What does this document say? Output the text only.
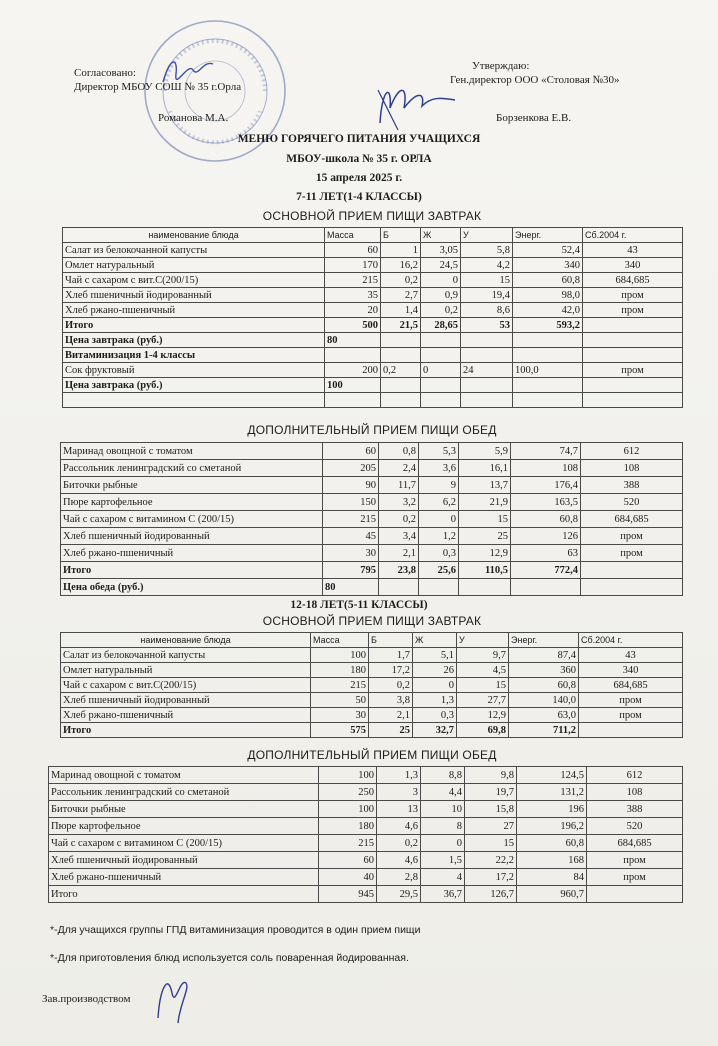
Согласовано:
Директор МБОУ СОШ № 35 г.Орла
Романова М.А.
Утверждаю:
Ген.директор ООО «Столовая №30»
Борзенкова Е.В.
МЕНЮ ГОРЯЧЕГО ПИТАНИЯ УЧАЩИХСЯ
МБОУ-школа № 35 г. ОРЛА
15 апреля 2025 г.
7-11 ЛЕТ(1-4 КЛАССЫ)
ОСНОВНОЙ ПРИЕМ ПИЩИ ЗАВТРАК
ДОПОЛНИТЕЛЬНЫЙ ПРИЕМ ПИЩИ ОБЕД
12-18 ЛЕТ(5-11 КЛАССЫ)
ОСНОВНОЙ ПРИЕМ ПИЩИ ЗАВТРАК
ДОПОЛНИТЕЛЬНЫЙ ПРИЕМ ПИЩИ ОБЕД
наименование блюда	Масса	Б	Ж	У	Энерг.	Сб.2004 г.
Салат из белокочанной капусты	60	1	3,05	5,8	52,4	43
Омлет натуральный	170	16,2	24,5	4,2	340	340
Чай с сахаром с вит.С(200/15)	215	0,2	0	15	60,8	684,685
Хлеб пшеничный йодированный	35	2,7	0,9	19,4	98,0	пром
Хлеб ржано-пшеничный	20	1,4	0,2	8,6	42,0	пром
Итого	500	21,5	28,65	53	593,2	
Цена завтрака (руб.)	80					
Витаминизация 1-4 классы						
Сок фруктовый	200	0,2	0	24	100,0	пром
Цена завтрака (руб.)	100					

Маринад овощной с томатом	60	0,8	5,3	5,9	74,7	612
Рассольник ленинградский со сметаной	205	2,4	3,6	16,1	108	108
Биточки рыбные	90	11,7	9	13,7	176,4	388
Пюре картофельное	150	3,2	6,2	21,9	163,5	520
Чай с сахаром с витамином С (200/15)	215	0,2	0	15	60,8	684,685
Хлеб пшеничный йодированный	45	3,4	1,2	25	126	пром
Хлеб ржано-пшеничный	30	2,1	0,3	12,9	63	пром
Итого	795	23,8	25,6	110,5	772,4	
Цена обеда (руб.)	80					
наименование блюда	Масса	Б	Ж	У	Энерг.	Сб.2004 г.
Салат из белокочанной капусты	100	1,7	5,1	9,7	87,4	43
Омлет натуральный	180	17,2	26	4,5	360	340
Чай с сахаром с вит.С(200/15)	215	0,2	0	15	60,8	684,685
Хлеб пшеничный йодированный	50	3,8	1,3	27,7	140,0	пром
Хлеб ржано-пшеничный	30	2,1	0,3	12,9	63,0	пром
Итого	575	25	32,7	69,8	711,2	
Маринад овощной с томатом	100	1,3	8,8	9,8	124,5	612
Рассольник ленинградский со сметаной	250	3	4,4	19,7	131,2	108
Биточки рыбные	100	13	10	15,8	196	388
Пюре картофельное	180	4,6	8	27	196,2	520
Чай с сахаром с витамином С (200/15)	215	0,2	0	15	60,8	684,685
Хлеб пшеничный йодированный	60	4,6	1,5	22,2	168	пром
Хлеб ржано-пшеничный	40	2,8	4	17,2	84	пром
Итого	945	29,5	36,7	126,7	960,7	
*-Для учащихся группы ГПД витаминизация проводится в один прием пищи
*-Для приготовления блюд используется соль поваренная йодированная.
Зав.производством
